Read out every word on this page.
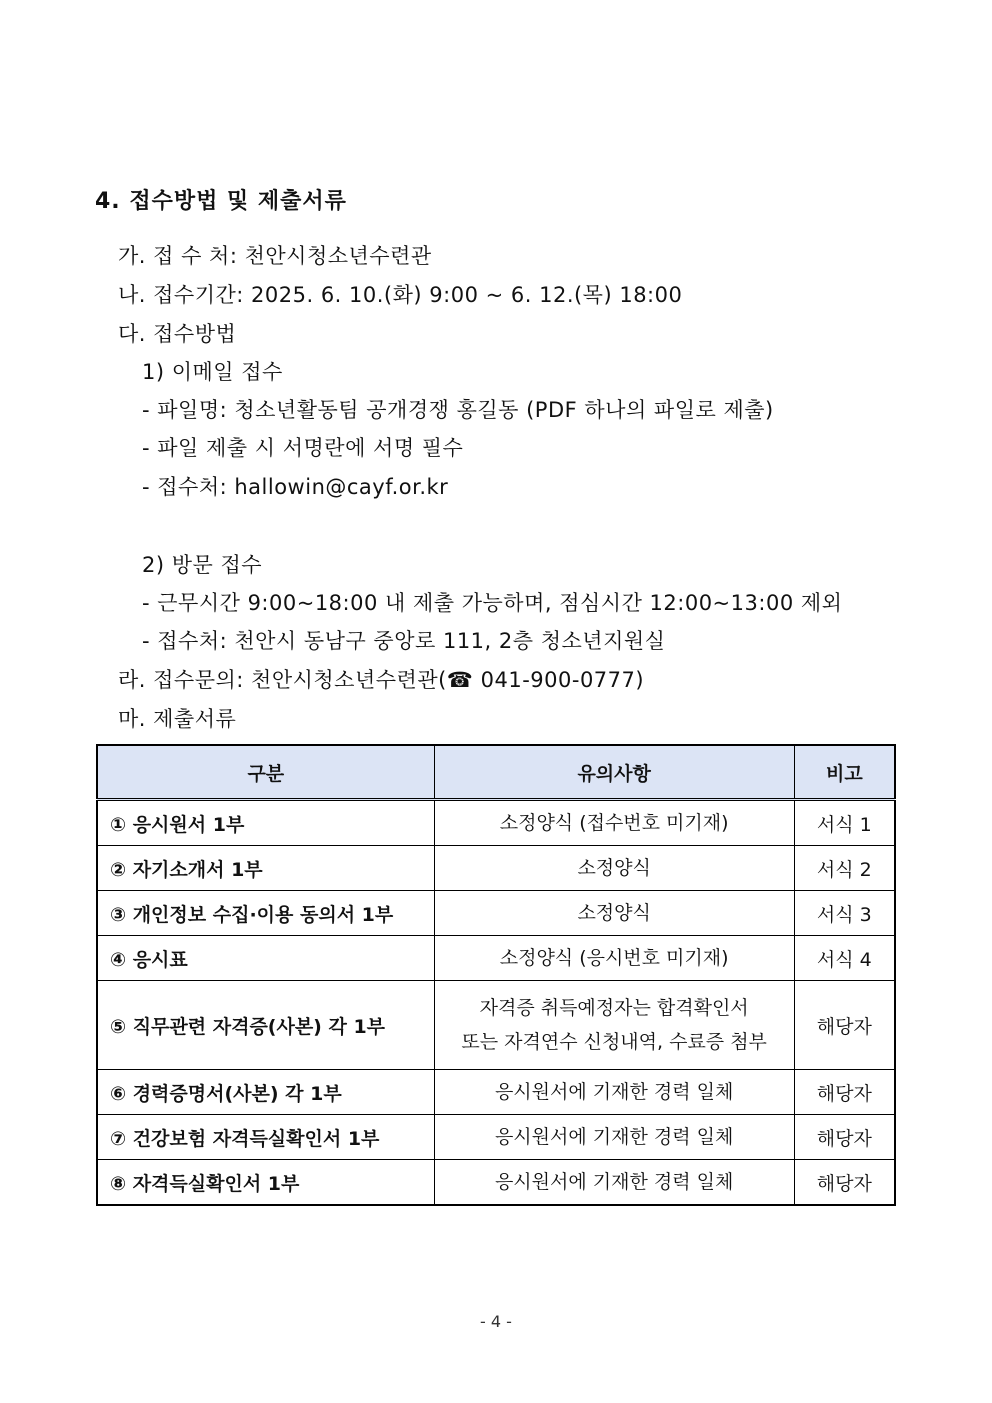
4. 접수방법 및 제출서류
가. 접 수 처: 천안시청소년수련관
나. 접수기간: 2025. 6. 10.(화) 9:00 ~ 6. 12.(목) 18:00
다. 접수방법
1) 이메일 접수
- 파일명: 청소년활동팀 공개경쟁 홍길동 (PDF 하나의 파일로 제출)
- 파일 제출 시 서명란에 서명 필수
- 접수처: hallowin@cayf.or.kr
2) 방문 접수
- 근무시간 9:00~18:00 내 제출 가능하며, 점심시간 12:00~13:00 제외
- 접수처: 천안시 동남구 중앙로 111, 2층 청소년지원실
라. 접수문의: 천안시청소년수련관(☎ 041-900-0777)
마. 제출서류
구분	유의사항	비고
① 응시원서 1부	소정양식 (접수번호 미기재)	서식 1
② 자기소개서 1부	소정양식	서식 2
③ 개인정보 수집·이용 동의서 1부	소정양식	서식 3
④ 응시표	소정양식 (응시번호 미기재)	서식 4
⑤ 직무관련 자격증(사본) 각 1부	자격증 취득예정자는 합격확인서
또는 자격연수 신청내역, 수료증 첨부	해당자
⑥ 경력증명서(사본) 각 1부	응시원서에 기재한 경력 일체	해당자
⑦ 건강보험 자격득실확인서 1부	응시원서에 기재한 경력 일체	해당자
⑧ 자격득실확인서 1부	응시원서에 기재한 경력 일체	해당자
- 4 -
